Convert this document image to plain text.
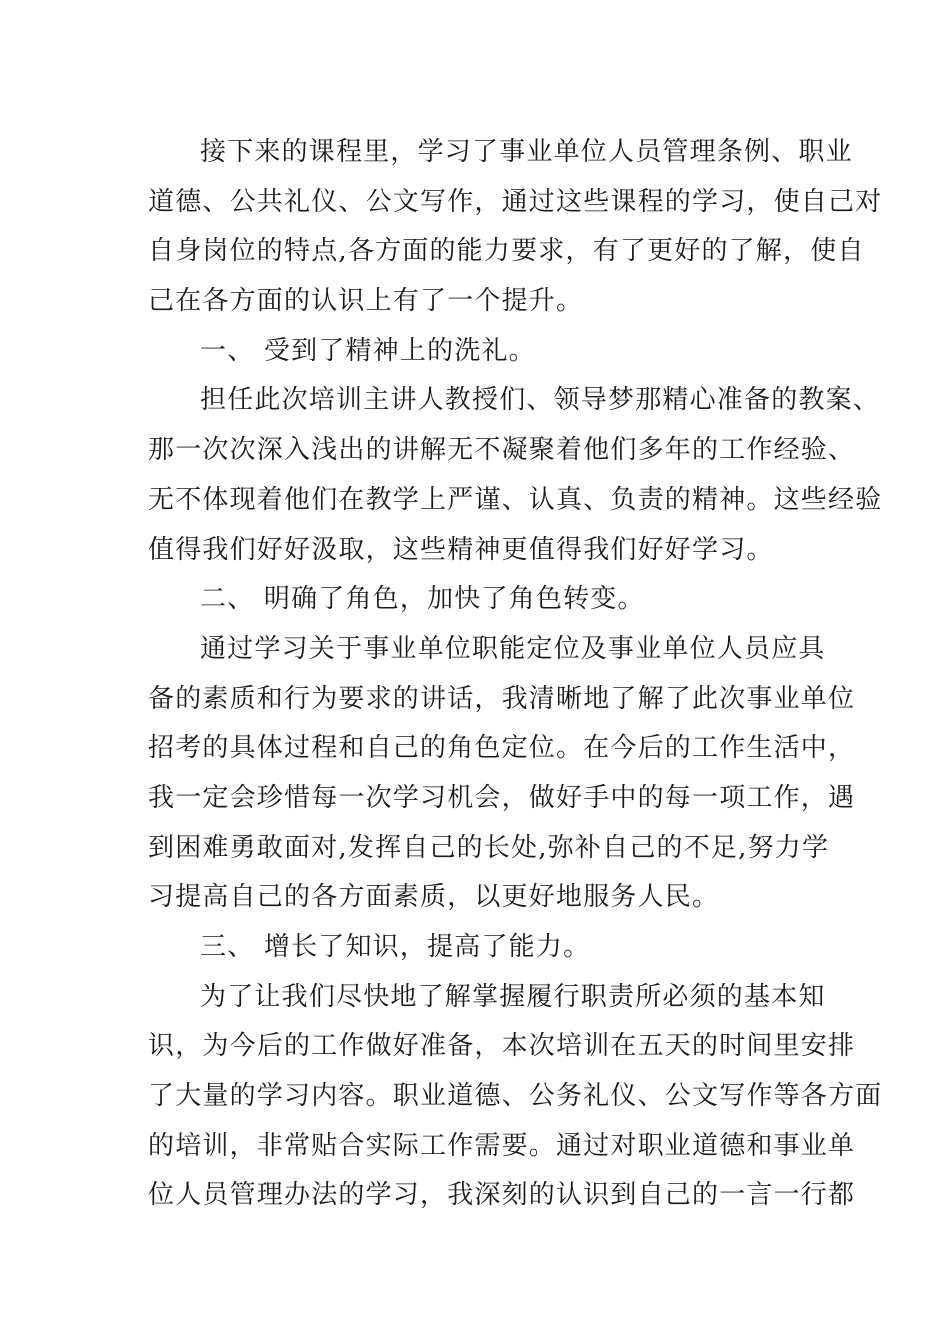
接下来的课程里，学习了事业单位人员管理条例、职业
道德、公共礼仪、公文写作，通过这些课程的学习，使自己对
自身岗位的特点,各方面的能力要求，有了更好的了解，使自
己在各方面的认识上有了一个提升。
一、 受到了精神上的洗礼。
担任此次培训主讲人教授们、领导梦那精心准备的教案、
那一次次深入浅出的讲解无不凝聚着他们多年的工作经验、
无不体现着他们在教学上严谨、认真、负责的精神。这些经验
值得我们好好汲取，这些精神更值得我们好好学习。
二、 明确了角色，加快了角色转变。
通过学习关于事业单位职能定位及事业单位人员应具
备的素质和行为要求的讲话，我清晰地了解了此次事业单位
招考的具体过程和自己的角色定位。在今后的工作生活中，
我一定会珍惜每一次学习机会，做好手中的每一项工作，遇
到困难勇敢面对,发挥自己的长处,弥补自己的不足,努力学
习提高自己的各方面素质，以更好地服务人民。
三、 增长了知识，提高了能力。
为了让我们尽快地了解掌握履行职责所必须的基本知
识，为今后的工作做好准备，本次培训在五天的时间里安排
了大量的学习内容。职业道德、公务礼仪、公文写作等各方面
的培训，非常贴合实际工作需要。通过对职业道德和事业单
位人员管理办法的学习，我深刻的认识到自己的一言一行都
